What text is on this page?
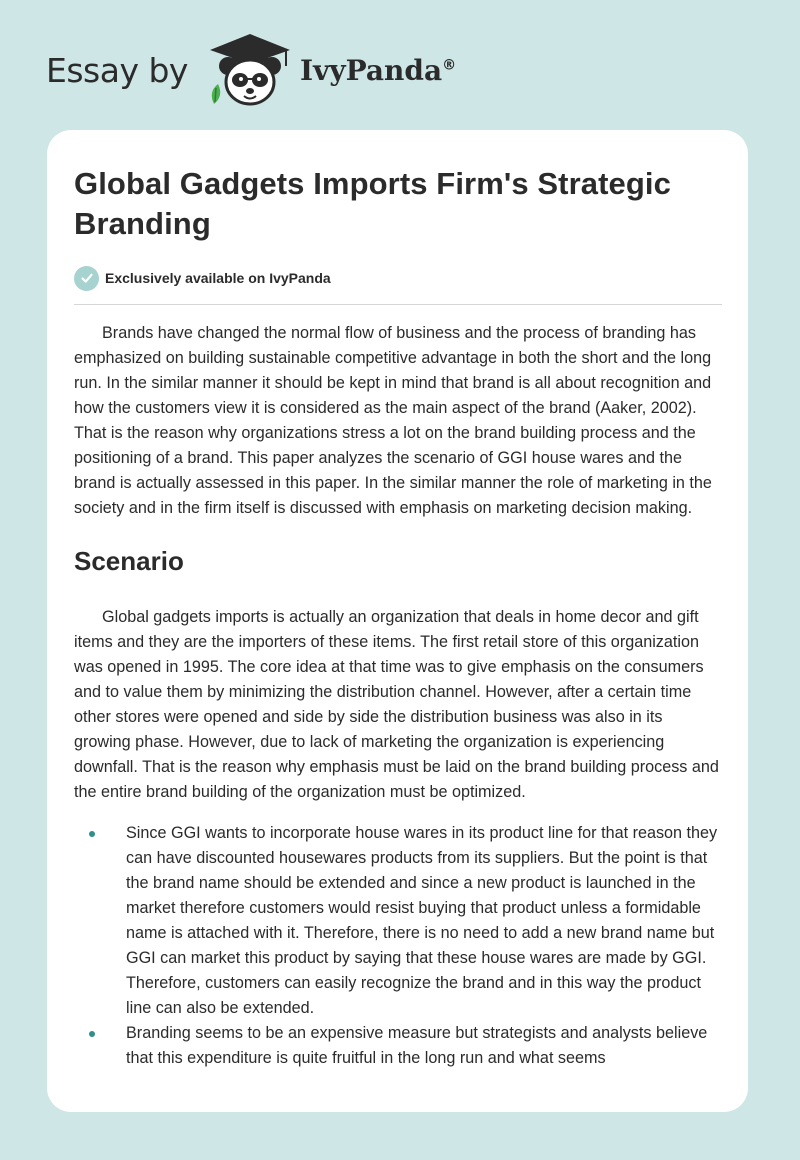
Essay by	IvyPanda®
Global Gadgets Imports Firm's Strategic Branding
Exclusively available on IvyPanda

Brands have changed the normal flow of business and the process of branding has emphasized on building sustainable competitive advantage in both the short and the long run. In the similar manner it should be kept in mind that brand is all about recognition and how the customers view it is considered as the main aspect of the brand (Aaker, 2002). That is the reason why organizations stress a lot on the brand building process and the positioning of a brand. This paper analyzes the scenario of GGI house wares and the brand is actually assessed in this paper. In the similar manner the role of marketing in the society and in the firm itself is discussed with emphasis on marketing decision making.

Scenario

Global gadgets imports is actually an organization that deals in home decor and gift items and they are the importers of these items. The first retail store of this organization was opened in 1995. The core idea at that time was to give emphasis on the consumers and to value them by minimizing the distribution channel. However, after a certain time other stores were opened and side by side the distribution business was also in its growing phase. However, due to lack of marketing the organization is experiencing downfall. That is the reason why emphasis must be laid on the brand building process and the entire brand building of the organization must be optimized.

Since GGI wants to incorporate house wares in its product line for that reason they can have discounted housewares products from its suppliers. But the point is that the brand name should be extended and since a new product is launched in the market therefore customers would resist buying that product unless a formidable name is attached with it. Therefore, there is no need to add a new brand name but GGI can market this product by saying that these house wares are made by GGI. Therefore, customers can easily recognize the brand and in this way the product line can also be extended.
Branding seems to be an expensive measure but strategists and analysts believe that this expenditure is quite fruitful in the long run and what seems
